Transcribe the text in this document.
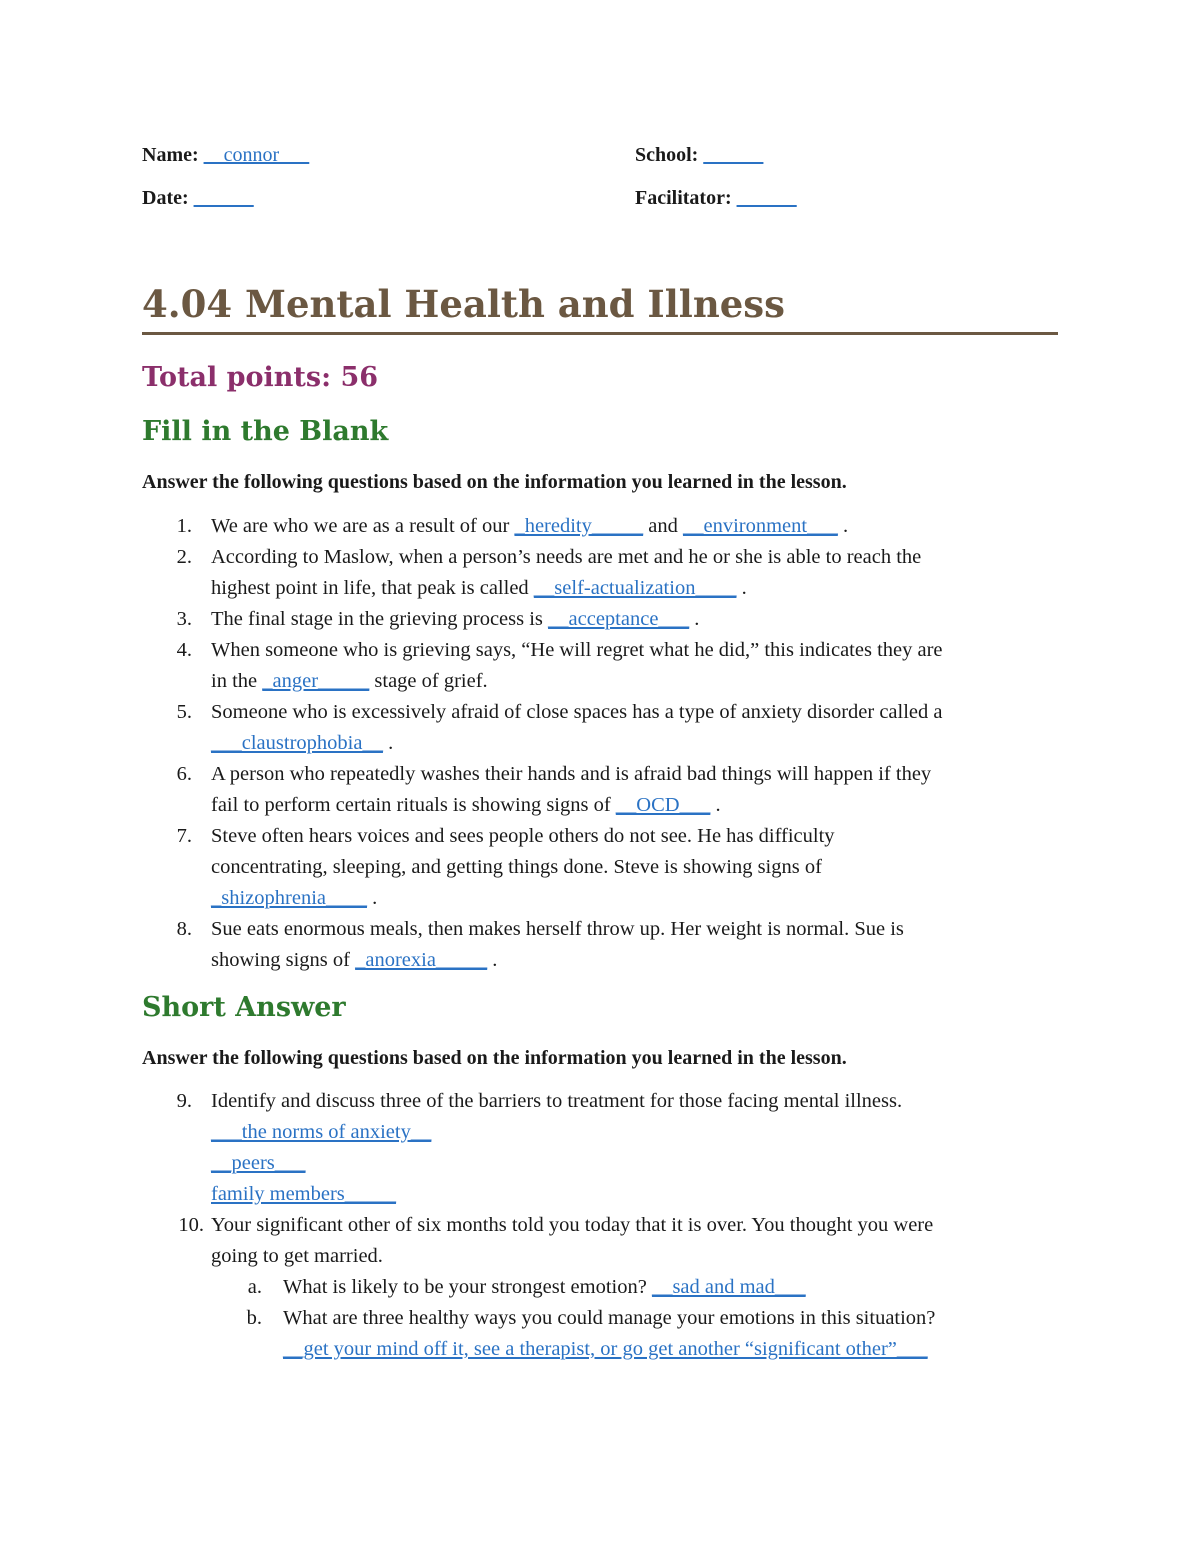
Name: __connor___	School: ______
Date: ______	Facilitator: ______
4.04 Mental Health and Illness
Total points: 56
Fill in the Blank
Answer the following questions based on the information you learned in the lesson.
1. We are who we are as a result of our _heredity_____ and __environment___ .
2. According to Maslow, when a person’s needs are met and he or she is able to reach the
highest point in life, that peak is called __self-actualization____ .
3. The final stage in the grieving process is __acceptance___ .
4. When someone who is grieving says, “He will regret what he did,” this indicates they are
in the _anger_____ stage of grief.
5. Someone who is excessively afraid of close spaces has a type of anxiety disorder called a
___claustrophobia__ .
6. A person who repeatedly washes their hands and is afraid bad things will happen if they
fail to perform certain rituals is showing signs of __OCD___ .
7. Steve often hears voices and sees people others do not see. He has difficulty
concentrating, sleeping, and getting things done. Steve is showing signs of
_shizophrenia____ .
8. Sue eats enormous meals, then makes herself throw up. Her weight is normal. Sue is
showing signs of _anorexia_____ .
Short Answer
Answer the following questions based on the information you learned in the lesson.
9. Identify and discuss three of the barriers to treatment for those facing mental illness.
___the norms of anxiety__
__peers___
family members_____
10. Your significant other of six months told you today that it is over. You thought you were
going to get married.
a. What is likely to be your strongest emotion? __sad and mad___
b. What are three healthy ways you could manage your emotions in this situation?
__get your mind off it, see a therapist, or go get another “significant other”___
